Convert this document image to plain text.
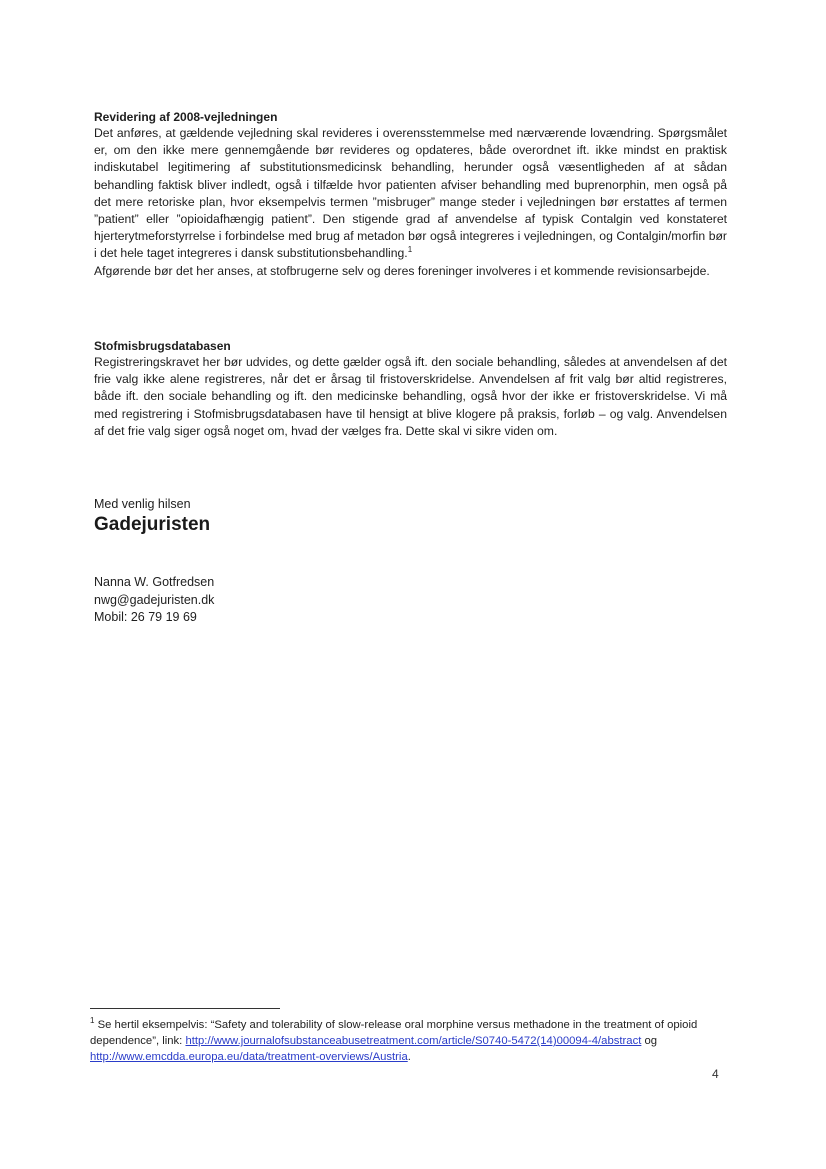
Revidering af 2008-vejledningen

Det anføres, at gældende vejledning skal revideres i overensstemmelse med nærværende lovændring. Spørgsmålet er, om den ikke mere gennemgående bør revideres og opdateres, både overordnet ift. ikke mindst en praktisk indiskutabel legitimering af substitutionsmedicinsk behandling, herunder også væsentligheden af at sådan behandling faktisk bliver indledt, også i tilfælde hvor patienten afviser behandling med buprenorphin, men også på det mere retoriske plan, hvor eksempelvis termen ”misbruger” mange steder i vejledningen bør erstattes af termen ”patient” eller ”opioidafhængig patient”. Den stigende grad af anvendelse af typisk Contalgin ved konstateret hjerterytmeforstyrrelse i forbindelse med brug af metadon bør også integreres i vejledningen, og Contalgin/morfin bør i det hele taget integreres i dansk substitutionsbehandling.$^1$

Afgørende bør det her anses, at stofbrugerne selv og deres foreninger involveres i et kommende revisionsarbejde.

Stofmisbrugsdatabasen

Registreringskravet her bør udvides, og dette gælder også ift. den sociale behandling, således at anvendelsen af det frie valg ikke alene registreres, når det er årsag til fristoverskridelse. Anvendelsen af frit valg bør altid registreres, både ift. den sociale behandling og ift. den medicinske behandling, også hvor der ikke er fristoverskridelse. Vi må med registrering i Stofmisbrugsdatabasen have til hensigt at blive klogere på praksis, forløb – og valg. Anvendelsen af det frie valg siger også noget om, hvad der vælges fra. Dette skal vi sikre viden om.

Med venlig hilsen

Gadejuristen

Nanna W. Gotfredsen
nwg@gadejuristen.dk
Mobil: 26 79 19 69
$^1$ Se hertil eksempelvis: “Safety and tolerability of slow-release oral morphine versus methadone in the treatment of opioid dependence”, link: http://www.journalofsubstanceabusetreatment.com/article/S0740-5472(14)00094-4/abstract og http://www.emcdda.europa.eu/data/treatment-overviews/Austria.
4
